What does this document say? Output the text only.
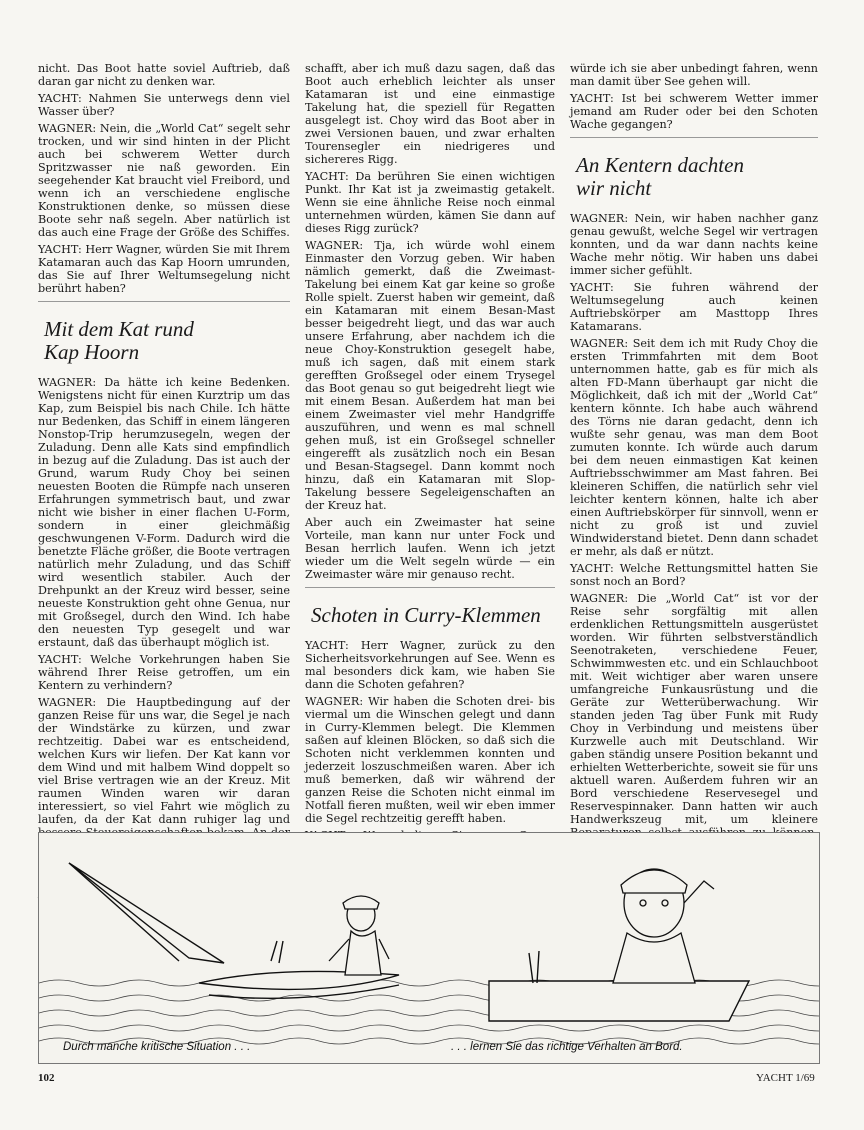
nicht. Das Boot hatte soviel Auftrieb, daß daran gar nicht zu denken war.

YACHT: Nahmen Sie unterwegs denn viel Wasser über?

WAGNER: Nein, die „World Cat“ segelt sehr trocken, und wir sind hinten in der Plicht auch bei schwerem Wetter durch Spritzwasser nie naß geworden. Ein seegehender Kat braucht viel Freibord, und wenn ich an verschiedene englische Konstruktionen denke, so müssen diese Boote sehr naß segeln. Aber natürlich ist das auch eine Frage der Größe des Schiffes.

YACHT: Herr Wagner, würden Sie mit Ihrem Katamaran auch das Kap Hoorn umrunden, das Sie auf Ihrer Weltumsegelung nicht berührt haben?

Mit dem Kat rund Kap Hoorn

WAGNER: Da hätte ich keine Bedenken. Wenigstens nicht für einen Kurztrip um das Kap, zum Beispiel bis nach Chile. Ich hätte nur Bedenken, das Schiff in einem längeren Nonstop-Trip herumzusegeln, wegen der Zuladung. Denn alle Kats sind empfindlich in bezug auf die Zuladung. Das ist auch der Grund, warum Rudy Choy bei seinen neuesten Booten die Rümpfe nach unseren Erfahrungen symmetrisch baut, und zwar nicht wie bisher in einer flachen U-Form, sondern in einer gleichmäßig geschwungenen V-Form. Dadurch wird die benetzte Fläche größer, die Boote vertragen natürlich mehr Zuladung, und das Schiff wird wesentlich stabiler. Auch der Drehpunkt an der Kreuz wird besser, seine neueste Konstruktion geht ohne Genua, nur mit Großsegel, durch den Wind. Ich habe den neuesten Typ gesegelt und war erstaunt, daß das überhaupt möglich ist.

YACHT: Welche Vorkehrungen haben Sie während Ihrer Reise getroffen, um ein Kentern zu verhindern?

WAGNER: Die Hauptbedingung auf der ganzen Reise für uns war, die Segel je nach der Windstärke zu kürzen, und zwar rechtzeitig. Dabei war es entscheidend, welchen Kurs wir liefen. Der Kat kann vor dem Wind und mit halbem Wind doppelt so viel Brise vertragen wie an der Kreuz. Mit raumen Winden waren wir daran interessiert, so viel Fahrt wie möglich zu laufen, da der Kat dann ruhiger lag und

schafft, aber ich muß dazu sagen, daß das Boot auch erheblich leichter als unser Katamaran ist und eine einmastige Takelung hat, die speziell für Regatten ausgelegt ist. Choy wird das Boot aber in zwei Versionen bauen, und zwar erhalten Tourensegler ein niedrigeres und sichereres Rigg.

YACHT: Da berühren Sie einen wichtigen Punkt. Ihr Kat ist ja zweimastig getakelt. Wenn sie eine ähnliche Reise noch einmal unternehmen würden, kämen Sie dann auf dieses Rigg zurück?

WAGNER: Tja, ich würde wohl einem Einmaster den Vorzug geben. Wir haben nämlich gemerkt, daß die Zweimast-Takelung bei einem Kat gar keine so große Rolle spielt. Zuerst haben wir gemeint, daß ein Katamaran mit einem Besan-Mast besser beigedreht liegt, und das war auch unsere Erfahrung, aber nachdem ich die neue Choy-Konstruktion gesegelt habe, muß ich sagen, daß mit einem stark gerefften Großsegel oder einem Trysegel das Boot genau so gut beigedreht liegt wie mit einem Besan. Außerdem hat man bei einem Zweimaster viel mehr Handgriffe auszuführen, und wenn es mal schnell gehen muß, ist ein Großsegel schneller eingerefft als zusätzlich noch ein Besan und Besan-Stagsegel. Dann kommt noch hinzu, daß ein Katamaran mit Slop-Takelung bessere Segeleigenschaften an der Kreuz hat.

Aber auch ein Zweimaster hat seine Vorteile, man kann nur unter Fock und Besan herrlich laufen. Wenn ich jetzt wieder um die Welt segeln würde — ein Zweimaster wäre mir genauso recht.

Schoten in Curry-Klemmen

YACHT: Herr Wagner, zurück zu den Sicherheitsvorkehrungen auf See. Wenn es mal besonders dick kam, wie haben Sie dann die Schoten gefahren?

WAGNER: Wir haben die Schoten drei- bis viermal um die Winschen gelegt und dann in Curry-Klemmen belegt. Die Klemmen saßen auf kleinen Blöcken, so daß sich die Schoten nicht verklemmen konnten und jederzeit loszuschmeißen waren. Aber ich muß bemerken, daß wir während der ganzen Reise die Schoten nicht einmal im Notfall fieren mußten, weil wir eben immer die Segel rechtzeitig gerefft haben.

würde ich sie aber unbedingt fahren, wenn man damit über See gehen will.

YACHT: Ist bei schwerem Wetter immer jemand am Ruder oder bei den Schoten Wache gegangen?

An Kentern dachten wir nicht

WAGNER: Nein, wir haben nachher ganz genau gewußt, welche Segel wir vertragen konnten, und da war dann nachts keine Wache mehr nötig. Wir haben uns dabei immer sicher gefühlt.

YACHT: Sie fuhren während der Weltumsegelung auch keinen Auftriebskörper am Masttopp Ihres Katamarans.

WAGNER: Seit dem ich mit Rudy Choy die ersten Trimmfahrten mit dem Boot unternommen hatte, gab es für mich als alten FD-Mann überhaupt gar nicht die Möglichkeit, daß ich mit der „World Cat“ kentern könnte. Ich habe auch während des Törns nie daran gedacht, denn ich wußte sehr genau, was man dem Boot zumuten konnte. Ich würde auch darum bei dem neuen einmastigen Kat keinen Auftriebsschwimmer am Mast fahren. Bei kleineren Schiffen, die natürlich sehr viel leichter kentern können, halte ich aber einen Auftriebskörper für sinnvoll, wenn er nicht zu groß ist und zuviel Windwiderstand bietet. Denn dann schadet er mehr, als daß er nützt.

YACHT: Welche Rettungsmittel hatten Sie sonst noch an Bord?

WAGNER: Die „World Cat“ ist vor der Reise sehr sorgfältig mit allen erdenklichen Rettungsmitteln ausgerüstet worden. Wir führten selbstverständlich Seenotraketen, verschiedene Feuer, Schwimmwesten etc. und ein Schlauchboot mit. Weit wichtiger aber waren unsere umfangreiche Funkausrüstung und die Geräte zur Wetterüberwachung. Wir standen jeden Tag über Funk mit Rudy Choy in Verbindung und meistens über Kurzwelle auch mit Deutschland. Wir gaben ständig unsere Position bekannt und erhielten Wetterberichte, soweit sie für uns aktuell waren. Außerdem fuhren wir an Bord verschiedene Reservesegel und Reservespinnaker. Dann hatten wir auch Handwerkszeug mit, um kleinere

Durch manche kritische Situation . . .	. . . lernen Sie das richtige Verhalten an Bord.
102	YACHT 1/69
